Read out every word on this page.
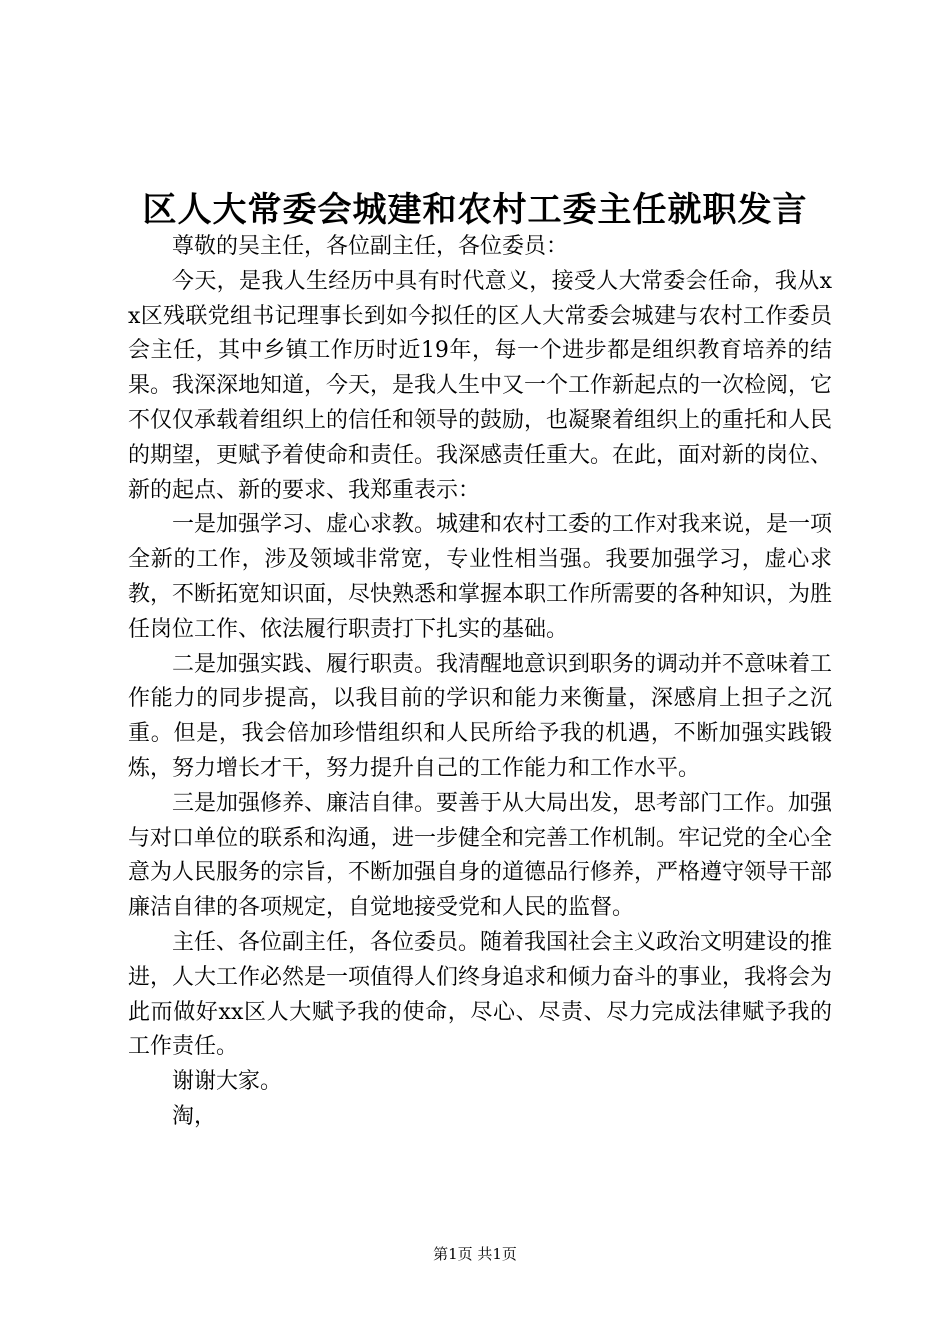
区人大常委会城建和农村工委主任就职发言

尊敬的吴主任，各位副主任，各位委员：

今天，是我人生经历中具有时代意义，接受人大常委会任命，我从xx区残联党组书记理事长到如今拟任的区人大常委会城建与农村工作委员会主任，其中乡镇工作历时近19年，每一个进步都是组织教育培养的结果。我深深地知道，今天，是我人生中又一个工作新起点的一次检阅，它不仅仅承载着组织上的信任和领导的鼓励，也凝聚着组织上的重托和人民的期望，更赋予着使命和责任。我深感责任重大。在此，面对新的岗位、新的起点、新的要求、我郑重表示：

一是加强学习、虚心求教。城建和农村工委的工作对我来说，是一项全新的工作，涉及领域非常宽，专业性相当强。我要加强学习，虚心求教，不断拓宽知识面，尽快熟悉和掌握本职工作所需要的各种知识，为胜任岗位工作、依法履行职责打下扎实的基础。

二是加强实践、履行职责。我清醒地意识到职务的调动并不意味着工作能力的同步提高，以我目前的学识和能力来衡量，深感肩上担子之沉重。但是，我会倍加珍惜组织和人民所给予我的机遇，不断加强实践锻炼，努力增长才干，努力提升自己的工作能力和工作水平。

三是加强修养、廉洁自律。要善于从大局出发，思考部门工作。加强与对口单位的联系和沟通，进一步健全和完善工作机制。牢记党的全心全意为人民服务的宗旨，不断加强自身的道德品行修养，严格遵守领导干部廉洁自律的各项规定，自觉地接受党和人民的监督。

主任、各位副主任，各位委员。随着我国社会主义政治文明建设的推进，人大工作必然是一项值得人们终身追求和倾力奋斗的事业，我将会为此而做好xx区人大赋予我的使命，尽心、尽责、尽力完成法律赋予我的工作责任。

谢谢大家。

淘，

第1页 共1页
